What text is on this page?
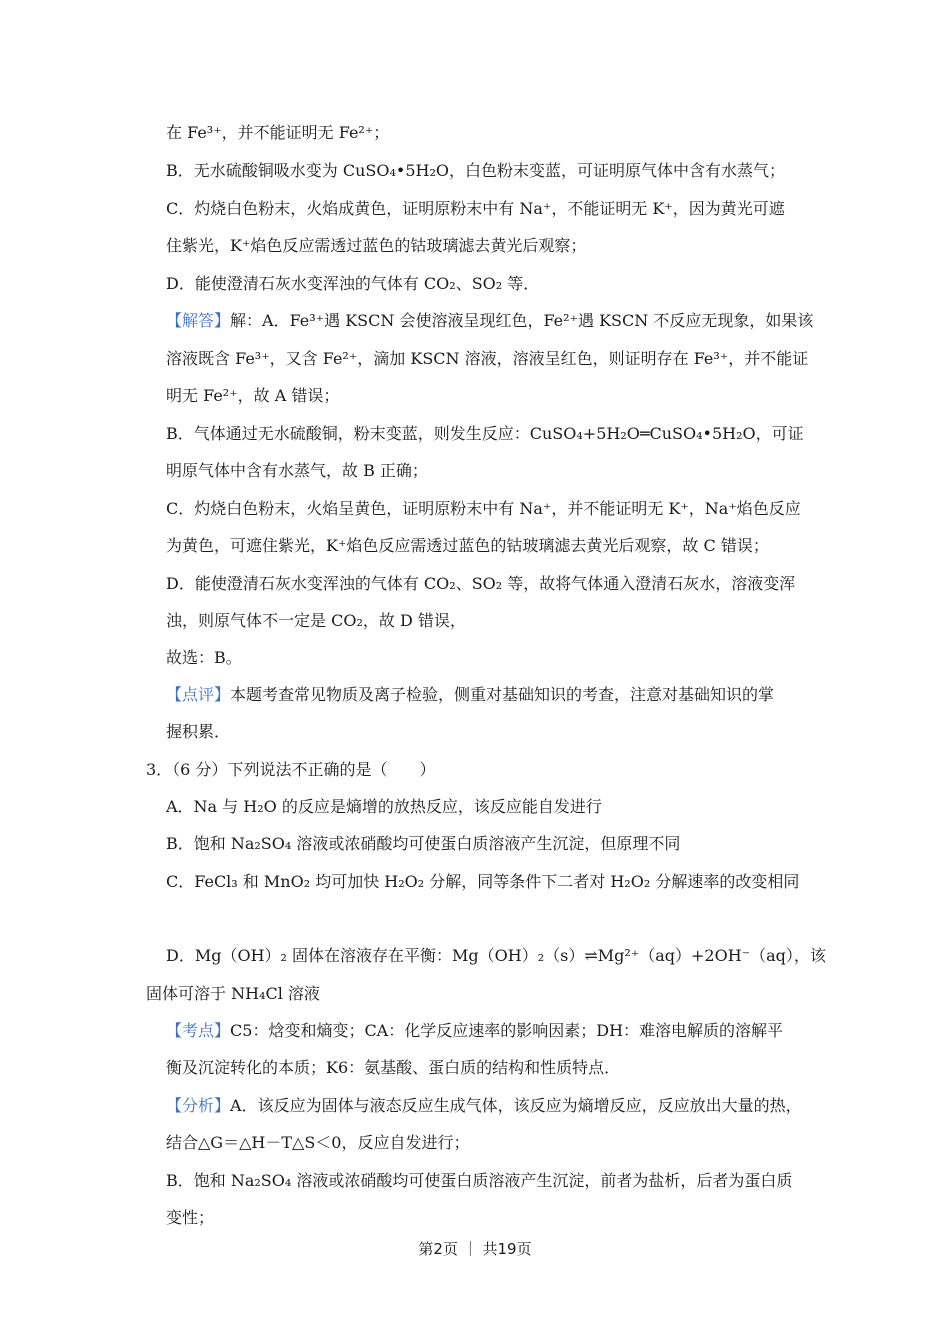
在 Fe³⁺，并不能证明无 Fe²⁺；
B．无水硫酸铜吸水变为 CuSO₄•5H₂O，白色粉末变蓝，可证明原气体中含有水蒸气；
C．灼烧白色粉末，火焰成黄色，证明原粉末中有 Na⁺，不能证明无 K⁺，因为黄光可遮
住紫光，K⁺焰色反应需透过蓝色的钴玻璃滤去黄光后观察；
D．能使澄清石灰水变浑浊的气体有 CO₂、SO₂ 等．
【解答】解：A．Fe³⁺遇 KSCN 会使溶液呈现红色，Fe²⁺遇 KSCN 不反应无现象，如果该
溶液既含 Fe³⁺，又含 Fe²⁺，滴加 KSCN 溶液，溶液呈红色，则证明存在 Fe³⁺，并不能证
明无 Fe²⁺，故 A 错误；
B．气体通过无水硫酸铜，粉末变蓝，则发生反应：CuSO₄+5H₂O═CuSO₄•5H₂O，可证
明原气体中含有水蒸气，故 B 正确；
C．灼烧白色粉末，火焰呈黄色，证明原粉末中有 Na⁺，并不能证明无 K⁺，Na⁺焰色反应
为黄色，可遮住紫光，K⁺焰色反应需透过蓝色的钴玻璃滤去黄光后观察，故 C 错误；
D．能使澄清石灰水变浑浊的气体有 CO₂、SO₂ 等，故将气体通入澄清石灰水，溶液变浑
浊，则原气体不一定是 CO₂，故 D 错误，
故选：B。
【点评】本题考查常见物质及离子检验，侧重对基础知识的考查，注意对基础知识的掌
握积累．
3．（6 分）下列说法不正确的是（　　）
A．Na 与 H₂O 的反应是熵增的放热反应，该反应能自发进行
B．饱和 Na₂SO₄ 溶液或浓硝酸均可使蛋白质溶液产生沉淀，但原理不同
C．FeCl₃ 和 MnO₂ 均可加快 H₂O₂ 分解，同等条件下二者对 H₂O₂ 分解速率的改变相同
D．Mg（OH）₂ 固体在溶液存在平衡：Mg（OH）₂（s）⇌Mg²⁺（aq）+2OH⁻（aq），该
固体可溶于 NH₄Cl 溶液
【考点】C5：焓变和熵变；CA：化学反应速率的影响因素；DH：难溶电解质的溶解平
衡及沉淀转化的本质；K6：氨基酸、蛋白质的结构和性质特点．
【分析】A．该反应为固体与液态反应生成气体，该反应为熵增反应，反应放出大量的热，
结合△G＝△H－T△S＜0，反应自发进行；
B．饱和 Na₂SO₄ 溶液或浓硝酸均可使蛋白质溶液产生沉淀，前者为盐析，后者为蛋白质
变性；
第2页 ｜ 共19页
